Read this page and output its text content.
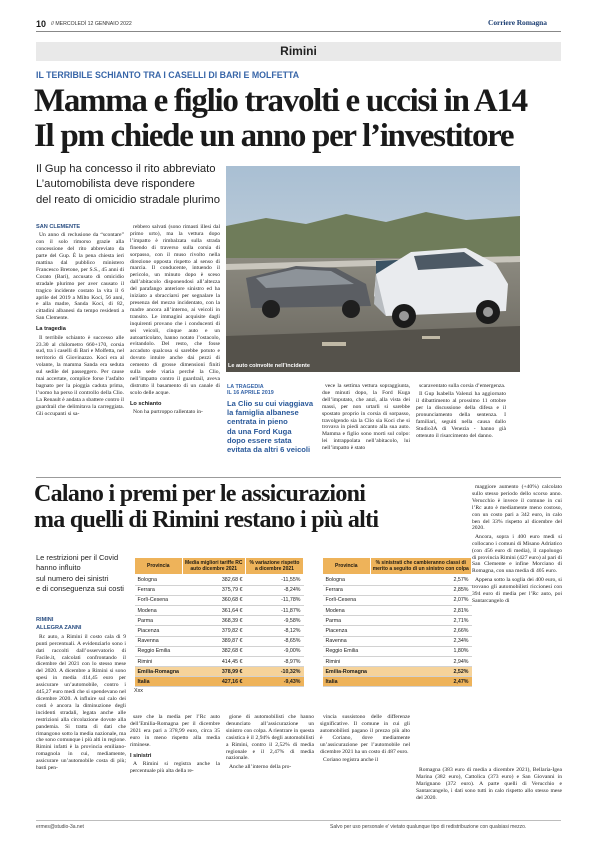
10 // MERCOLEDÌ 12 GENNAIO 2022	Corriere Romagna
Rimini
IL TERRIBILE SCHIANTO TRA I CASELLI DI BARI E MOLFETTA
Mamma e figlio travolti e uccisi in A14
Il pm chiede un anno per l’investitore
Il Gup ha concesso il rito abbreviato
L’automobilista deve rispondere
del reato di omicidio stradale plurimo
Le auto coinvolte nell’incidente

SAN CLEMENTE

Un anno di reclusione da “scontare” con il solo rimorso grazie alla concessione del rito abbreviato da parte del Gup. È la pena chiesta ieri mattina dal pubblico ministero Francesco Bretone, per S.S., 45 anni di Corato (Bari), accusato di omicidio stradale plurimo per aver causato il tragico incidente costato la vita il 6 aprile del 2019 a Milto Koci, 56 anni, e alla madre, Sanda Koci, di 82, cittadini albanesi da tempo residenti a San Clemente.

La tragedia

Il terribile schianto è successo alle 23.30 al chilometro 660+170, corsia sud, tra i caselli di Bari e Molfetta, nel territorio di Giovinazzo. Koci era al volante, la mamma Sanda era seduta sul sedile del passeggero. Per cause mai accertate, complice forse l’asfalto bagnato per la pioggia caduta prima, l’uomo ha perso il controllo della Clio. La Renault è andata a sbattere contro il guardrail che delimitava la carreggiata. Gli occupanti si sa-

rebbero salvati (sono rimasti illesi dal primo urto), ma la vettura dopo l’impatto è rimbalzata sulla strada finendo di traverso sulla corsia di sorpasso, con il muso rivolto nella direzione opposta rispetto al senso di marcia. Il conducente, intuendo il pericolo, un minuto dopo è sceso dall’abitacolo disponendosi all’altezza del parafango anteriore sinistro ed ha iniziato a sbracciarsi per segnalare la presenza del mezzo incidentato, con la madre ancora all’interno, ai veicoli in transito. Le immagini acquisite dagli inquirenti provano che i conducenti di sei veicoli, cinque auto e un autoarticolato, hanno notato l’ostacolo, evitandolo. Del resto, che fosse accaduto qualcosa si sarebbe potuto e dovuto intuire anche dai pezzi di cemento di grosse dimensioni finiti sulla sede viaria perché la Clio, nell’impatto contro il guardrail, aveva distrutto il basamento di un canale di scolo delle acque.

Lo schianto

Non ha purtroppo rallentato in-

LA TRAGEDIA
IL 16 APRILE 2019
La Clio su cui viaggiava
la famiglia albanese
centrata in pieno
da una Ford Kuga
dopo essere stata
evitata da altri 6 veicoli

vece la settima vettura sopraggiunta, due minuti dopo, la Ford Kuga dell’imputato, che anzi, alla vista dei massi, per non urtarli si sarebbe spostato proprio in corsia di sorpasso, travolgendo sia la Clio sia Koci che si trovava in piedi accanto alla sua auto. Mamma e figlio sono morti sul colpo: lei intrappolata nell’abitacolo, lui nell’impatto è stato

scaraventato sulla corsia d’emergenza.

Il Gup Isabella Valenzi ha aggiornato il dibattimento al prossimo 11 ottobre per la discussione della difesa e il pronunciamento della sentenza. I familiari, seguiti nella causa dallo Studio3A di Venezia - hanno già ottenuto il risarcimento del danno.

Calano i premi per le assicurazioni
ma quelli di Rimini restano i più alti
Le restrizioni per il Covid
hanno influito
sul numero dei sinistri
e di conseguenza sui costi

RIMINI

ALLEGRA ZANNI

Rc auto, a Rimini il costo cala di 9 punti percentuali. A evidenziarlo sono i dati raccolti dall’osservatorio di Facile.it, calcolati confrontando il dicembre del 2021 con lo stesso mese del 2020. A dicembre a Rimini si sono spesi in media 414,45 euro per assicurare un’automobile, contro i 445,27 euro medi che si spendevano nel dicembre 2020. A influire sul calo dei costi è ancora la diminuzione degli incidenti stradali, legata anche alle restrizioni alla circolazione dovute alla pandemia. Si tratta di dati che rimangono sotto la media nazionale, ma che sono comunque i più alti in regione. Rimini infatti è la provincia emiliano-romagnola in cui, mediamente, assicurare un’automobile costa di più; basti pen-

Provincia	Media migliori tariffe RC auto dicembre 2021	% variazione rispetto a dicembre 2021
Bologna	382,68 €	-11,55%
Ferrara	375,79 €	-8,24%
Forlì-Cesena	360,68 €	-11,78%
Modena	361,64 €	-11,87%
Parma	368,39 €	-9,58%
Piacenza	379,82 €	-8,12%
Ravenna	389,87 €	-8,65%
Reggio Emilia	382,68 €	-9,00%
Rimini	414,45 €	-8,97%
Emilia-Romagna	378,99 €	-10,32%
Italia	427,16 €	-9,43%
Xxx
Provincia	% sinistrati che cambieranno classi di merito a seguito di un sinistro con colpa
Bologna	2,57%
Ferrara	2,85%
Forlì-Cesena	2,07%
Modena	2,81%
Parma	2,71%
Piacenza	2,66%
Ravenna	2,34%
Reggio Emilia	1,80%
Rimini	2,94%
Emilia-Romagna	2,52%
Italia	2,47%

maggiore aumento (+40%) calcolato sullo stesso periodo dello scorso anno. Verucchio è invece il comune in cui l’Rc auto è mediamente meno costoso, con un costo pari a 342 euro, in calo ben del 33% rispetto al dicembre del 2020.

Ancora, sopra i 400 euro medi si collocano i comuni di Misano Adriatico (con 456 euro di media), il capoluogo di provincia Rimini (427 euro) al pari di San Clemente e infine Morciano di Romagna, con una media di 405 euro.

Appena sotto la soglia dei 400 euro, si trovano gli automobilisti riccionesi con 394 euro di media per l’Rc auto, poi Santarcangelo di

sare che la media per l’Rc auto dell’Emilia-Romagna per il dicembre 2021 era pari a 378,99 euro, circa 35 euro in meno rispetto alla media riminese.

I sinistri

A Rimini si registra anche la percentuale più alta della re-

gione di automobilisti che hanno denunciato all’assicurazione un sinistro con colpa. A rientrare in questa casistica è il 2,94% degli automobilisti a Rimini, contro il 2,52% di media regionale e il 2,47% di media nazionale.

Anche all’interno della pro-

vincia sussistono delle differenze significative. Il comune in cui gli automobilisti pagano il prezzo più alto è Coriano, dove mediamente un’assicurazione per l’automobile nel dicembre 2021 ha un costo di 487 euro.

Coriano registra anche il

Romagna (383 euro di media a dicembre 2021), Bellaria-Igea Marina (382 euro), Cattolica (373 euro) e San Giovanni in Marignano (372 euro). A parte quelli di Verucchio e Santarcangelo, i dati sono tutti in calo rispetto allo stesso mese del 2020.

ermes@studio-3a.net	Salvo per uso personale e' vietato qualunque tipo di redistribuzione con qualsiasi mezzo.
